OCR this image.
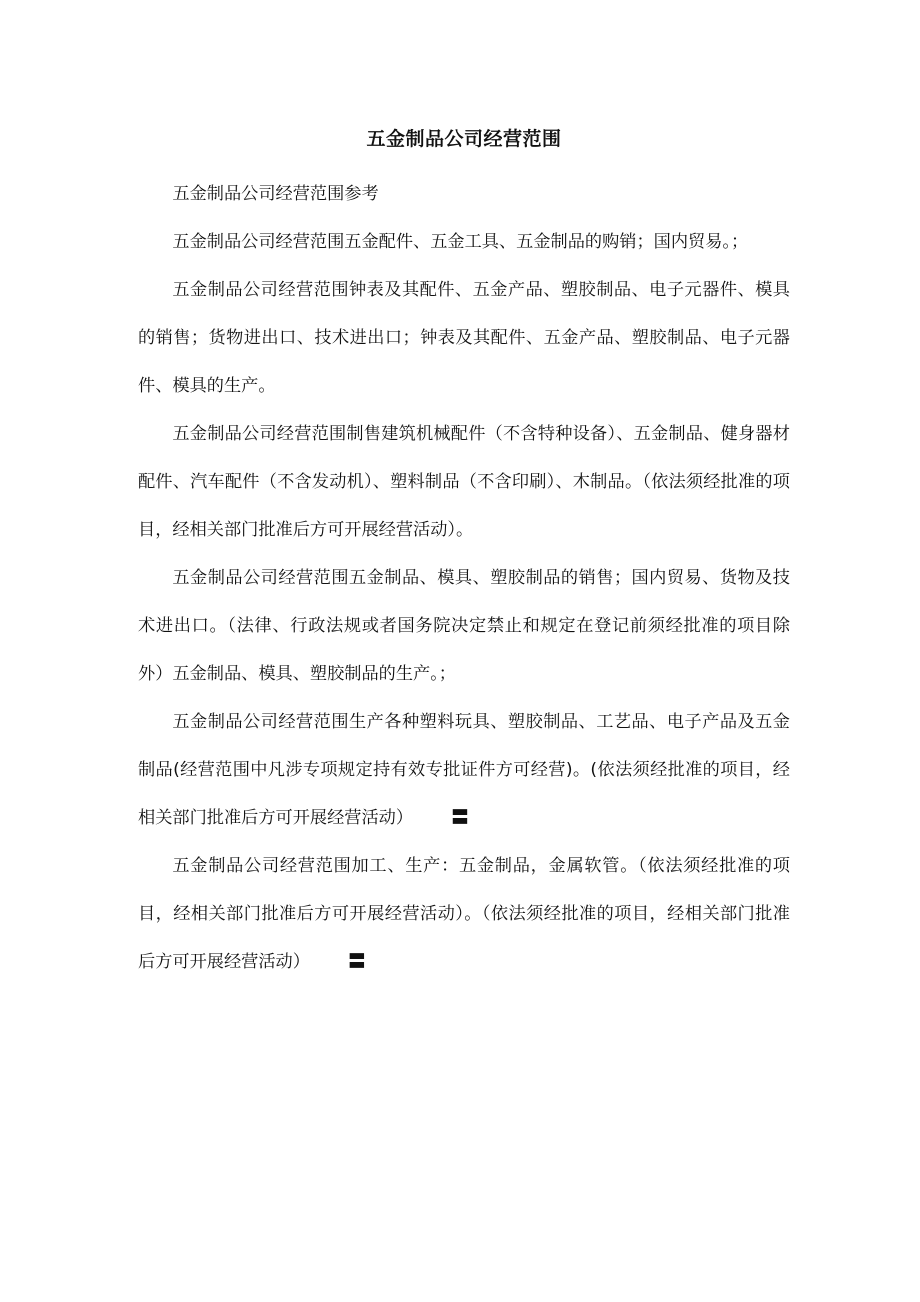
五金制品公司经营范围

五金制品公司经营范围参考

五金制品公司经营范围五金配件、五金工具、五金制品的购销；国内贸易。；

五金制品公司经营范围钟表及其配件、五金产品、塑胶制品、电子元器件、模具的销售；货物进出口、技术进出口；钟表及其配件、五金产品、塑胶制品、电子元器件、模具的生产。

五金制品公司经营范围制售建筑机械配件（不含特种设备）、五金制品、健身器材配件、汽车配件（不含发动机）、塑料制品（不含印刷）、木制品。（依法须经批准的项目，经相关部门批准后方可开展经营活动）。

五金制品公司经营范围五金制品、模具、塑胶制品的销售；国内贸易、货物及技术进出口。（法律、行政法规或者国务院决定禁止和规定在登记前须经批准的项目除外）五金制品、模具、塑胶制品的生产。；

五金制品公司经营范围生产各种塑料玩具、塑胶制品、工艺品、电子产品及五金制品(经营范围中凡涉专项规定持有效专批证件方可经营)。(依法须经批准的项目，经相关部门批准后方可开展经营活动） 〓

五金制品公司经营范围加工、生产：五金制品，金属软管。（依法须经批准的项目，经相关部门批准后方可开展经营活动）。（依法须经批准的项目，经相关部门批准后方可开展经营活动） 〓
